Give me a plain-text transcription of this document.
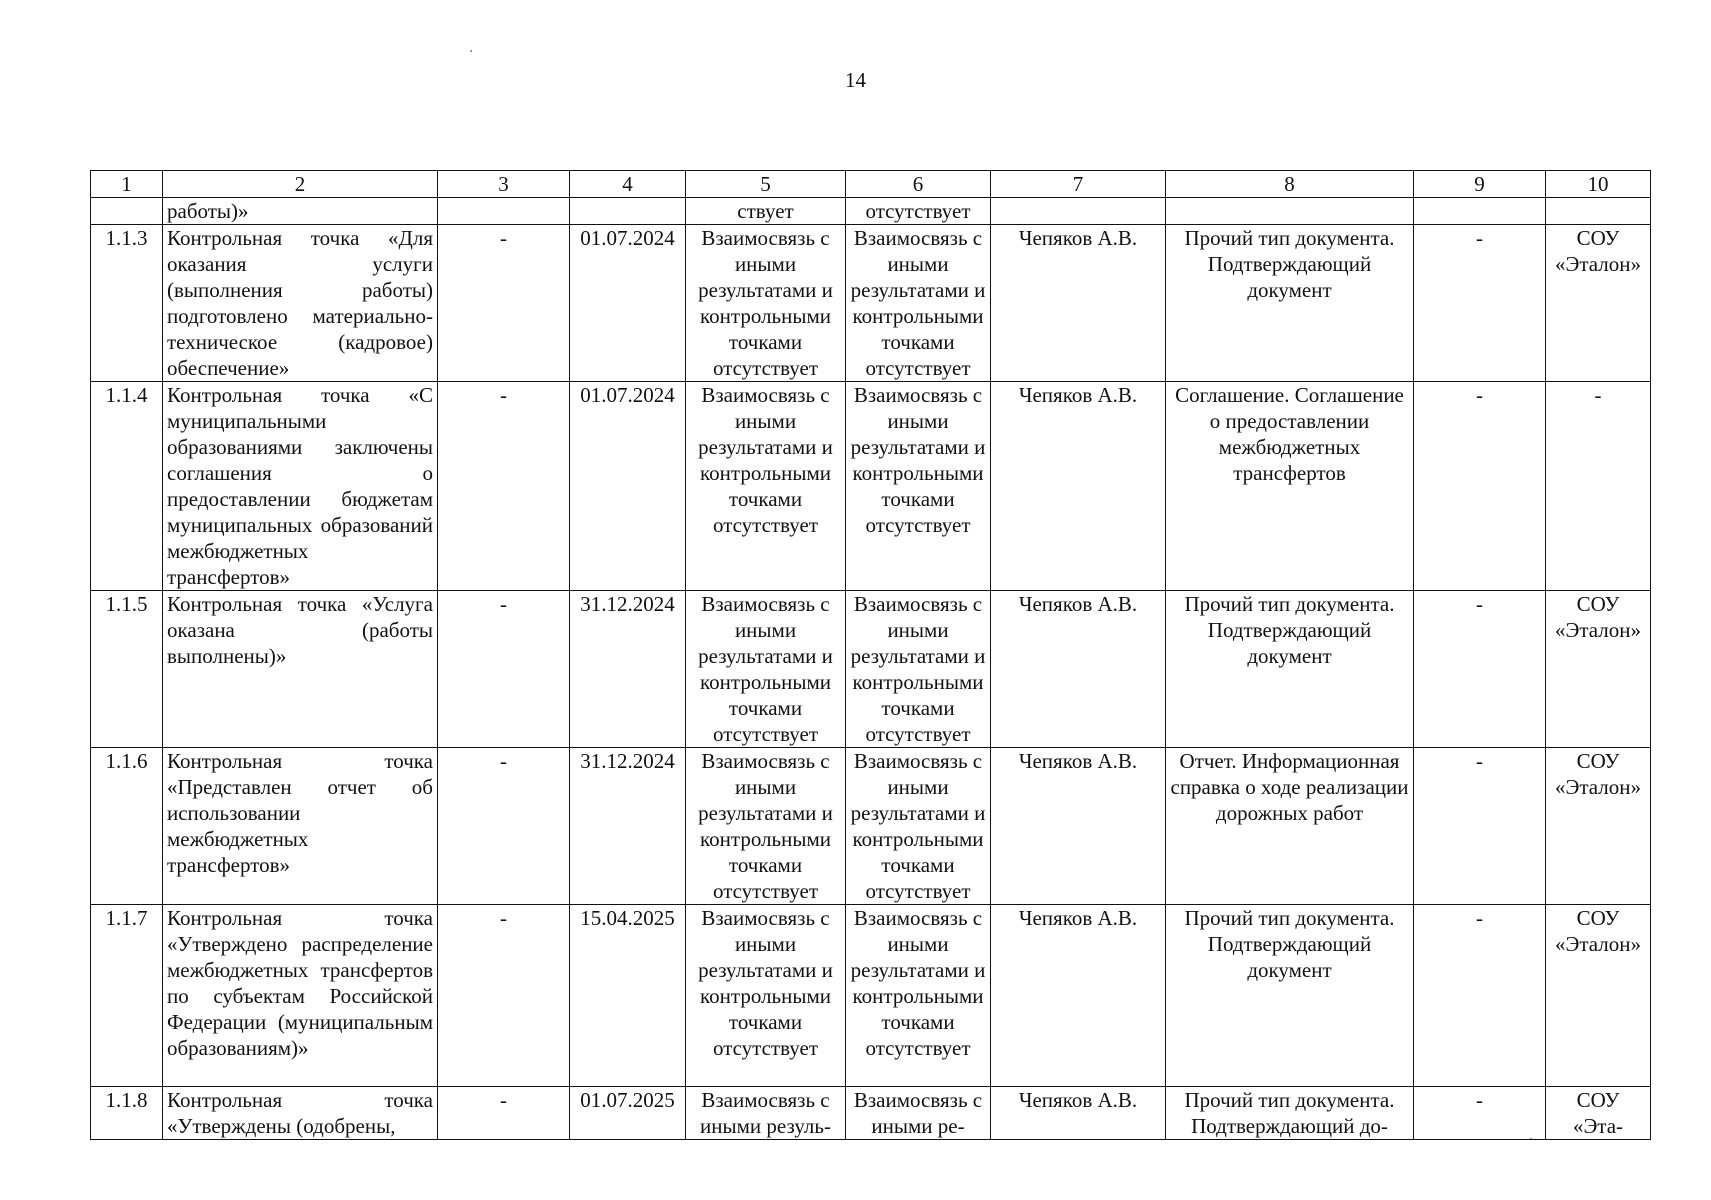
14
1	2	3	4	5	6	7	8	9	10
	работы)»			ствует	отсутствует				
1.1.3	Контрольная точка «Для оказания услуги (выполнения работы) подготовлено материально-техническое (кадровое) обеспечение»	-	01.07.2024	Взаимосвязь с иными результатами и контрольными точками отсутствует	Взаимосвязь с иными результатами и контрольными точками отсутствует	Чепяков А.В.	Прочий тип документа. Подтверждающий документ	-	СОУ «Эталон»
1.1.4	Контрольная точка «С муниципальными образованиями заключены соглашения о предоставлении бюджетам муниципальных образований межбюджетных трансфертов»	-	01.07.2024	Взаимосвязь с иными результатами и контрольными точками отсутствует	Взаимосвязь с иными результатами и контрольными точками отсутствует	Чепяков А.В.	Соглашение. Соглашение о предоставлении межбюджетных трансфертов	-	-
1.1.5	Контрольная точка «Услуга оказана (работы выполнены)»	-	31.12.2024	Взаимосвязь с иными результатами и контрольными точками отсутствует	Взаимосвязь с иными результатами и контрольными точками отсутствует	Чепяков А.В.	Прочий тип документа. Подтверждающий документ	-	СОУ «Эталон»
1.1.6	Контрольная точка «Представлен отчет об использовании межбюджетных трансфертов»	-	31.12.2024	Взаимосвязь с иными результатами и контрольными точками отсутствует	Взаимосвязь с иными результатами и контрольными точками отсутствует	Чепяков А.В.	Отчет. Информационная справка о ходе реализации дорожных работ	-	СОУ «Эталон»
1.1.7	Контрольная точка «Утверждено распределение межбюджетных трансфертов по субъектам Российской Федерации (муниципальным образованиям)»	-	15.04.2025	Взаимосвязь с иными результатами и контрольными точками отсутствует	Взаимосвязь с иными результатами и контрольными точками отсутствует	Чепяков А.В.	Прочий тип документа. Подтверждающий документ	-	СОУ «Эталон»
1.1.8	Контрольная точка «Утверждены (одобрены,	-	01.07.2025	Взаимосвязь с иными резуль-	Взаимосвязь с иными ре-	Чепяков А.В.	Прочий тип документа. Подтверждающий до-	-	СОУ «Эта-
